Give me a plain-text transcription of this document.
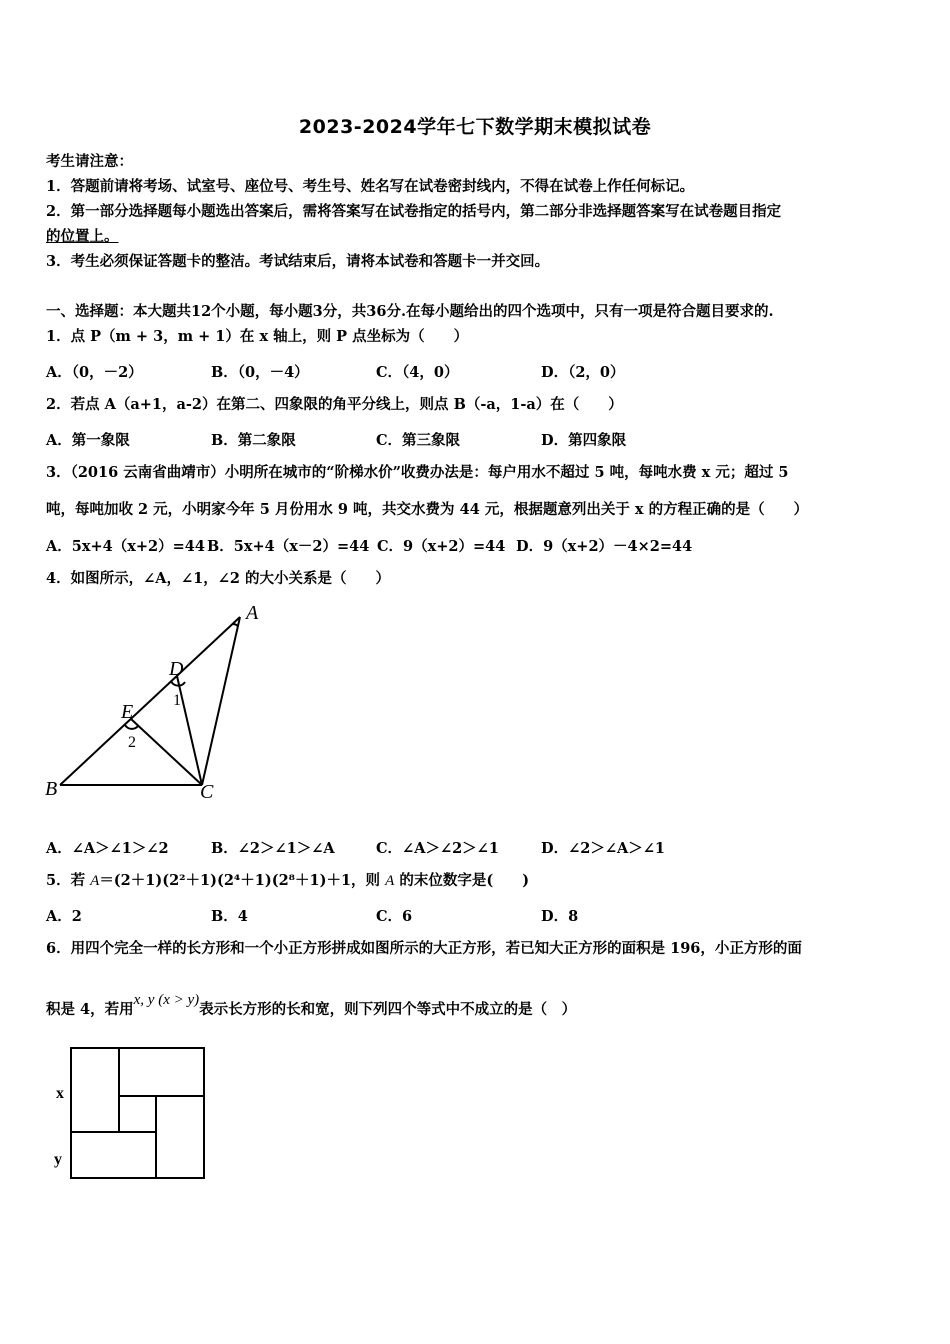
2023-2024学年七下数学期末模拟试卷
考生请注意：
1．答题前请将考场、试室号、座位号、考生号、姓名写在试卷密封线内，不得在试卷上作任何标记。
2．第一部分选择题每小题选出答案后，需将答案写在试卷指定的括号内，第二部分非选择题答案写在试卷题目指定
的位置上。
3．考生必须保证答题卡的整洁。考试结束后，请将本试卷和答题卡一并交回。
一、选择题：本大题共12个小题，每小题3分，共36分.在每小题给出的四个选项中，只有一项是符合题目要求的.
1．点 P（m + 3，m + 1）在 x 轴上，则 P 点坐标为（　　）
A．（0，－2）	B．（0，－4）	C．（4，0）	D．（2，0）
2．若点 A（a+1，a-2）在第二、四象限的角平分线上，则点 B（-a，1-a）在（　　）
A．第一象限	B．第二象限	C．第三象限	D．第四象限
3．（2016 云南省曲靖市）小明所在城市的“阶梯水价”收费办法是：每户用水不超过 5 吨，每吨水费 x 元；超过 5
吨，每吨加收 2 元，小明家今年 5 月份用水 9 吨，共交水费为 44 元，根据题意列出关于 x 的方程正确的是（　　）
A．5x+4（x+2）=44 B．5x+4（x－2）=44 C．9（x+2）=44 D．9（x+2）－4×2=44
4．如图所示，∠A，∠1，∠2 的大小关系是（　　）
A
D
1
E
2
B	C
A．∠A＞∠1＞∠2	B．∠2＞∠1＞∠A	C．∠A＞∠2＞∠1	D．∠2＞∠A＞∠1
5．若 A＝(2＋1)(2²＋1)(2⁴＋1)(2⁸＋1)＋1，则 A 的末位数字是(　　)
A．2	B．4	C．6	D．8
6．用四个完全一样的长方形和一个小正方形拼成如图所示的大正方形，若已知大正方形的面积是 196，小正方形的面
积是 4，若用x, y (x > y)表示长方形的长和宽，则下列四个等式中不成立的是（　）
x
y
